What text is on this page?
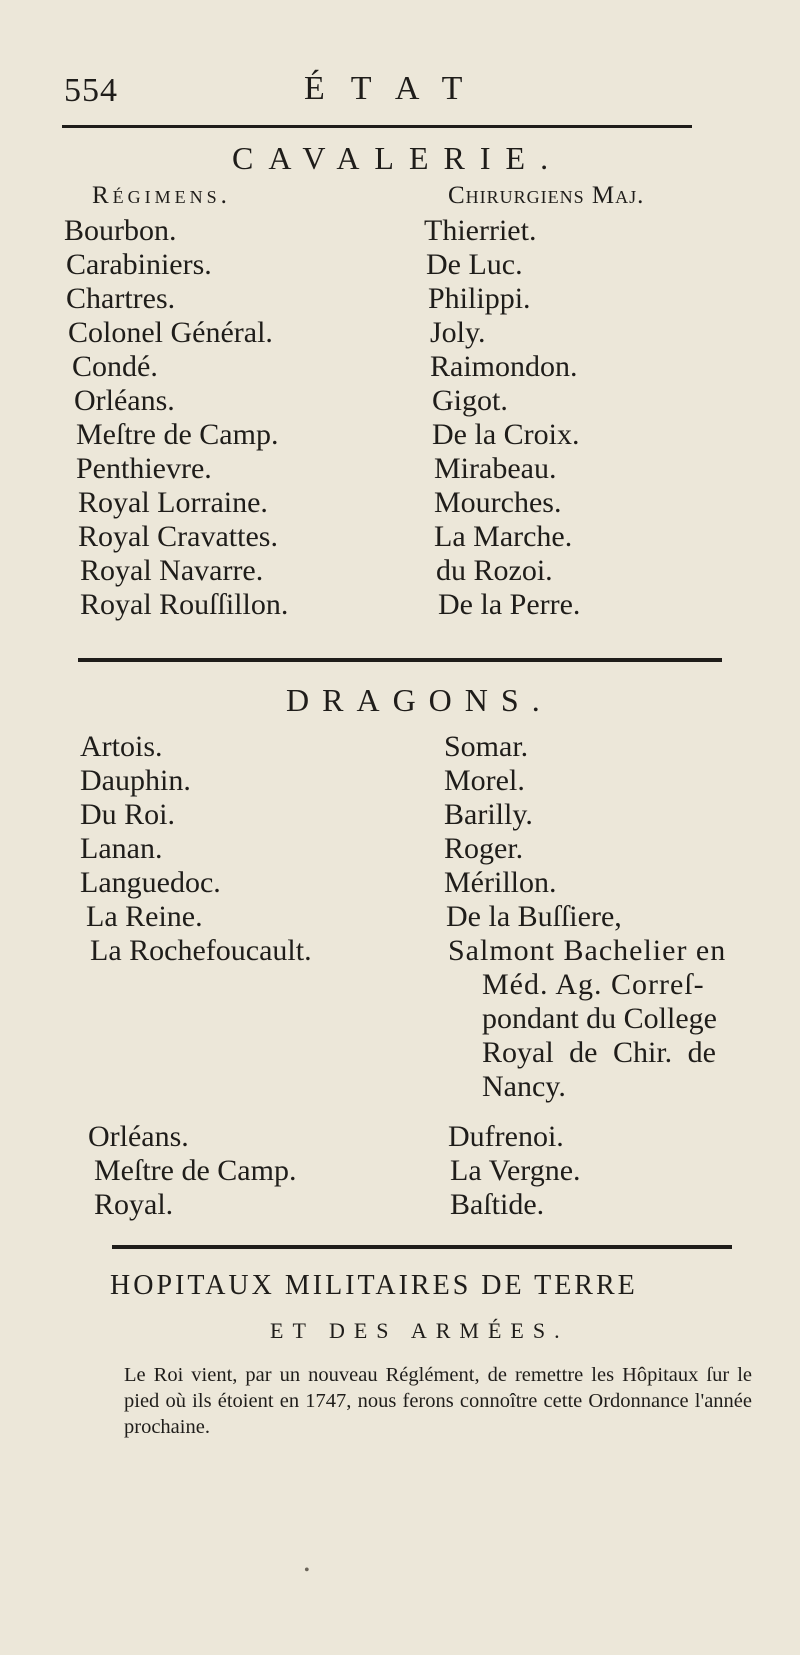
554	ÉTAT
CAVALERIE.
Régimens.	Chirurgiens Maj.
Bourbon.
Carabiniers.
Chartres.
Colonel Général.
Condé.
Orléans.
Meſtre de Camp.
Penthievre.
Royal Lorraine.
Royal Cravattes.
Royal Navarre.
Royal Rouſſillon.
Thierriet.
De Luc.
Philippi.
Joly.
Raimondon.
Gigot.
De la Croix.
Mirabeau.
Mourches.
La Marche.
du Rozoi.
De la Perre.
DRAGONS.
Artois.
Dauphin.
Du Roi.
Lanan.
Languedoc.
La Reine.
La Rochefoucault.
Somar.
Morel.
Barilly.
Roger.
Mérillon.
De la Buſſiere,
Salmont Bachelier en
Méd. Ag. Correſ-
pondant du College
Royal de Chir. de
Nancy.
Orléans.
Meſtre de Camp.
Royal.
Dufrenoi.
La Vergne.
Baſtide.
HOPITAUX MILITAIRES DE TERRE
ET DES ARMÉES.
Le Roi vient, par un nouveau Réglément, de remettre les Hôpitaux ſur le pied où ils étoient en 1747, nous ferons connoître cette Ordonnance l'année prochaine.
•
